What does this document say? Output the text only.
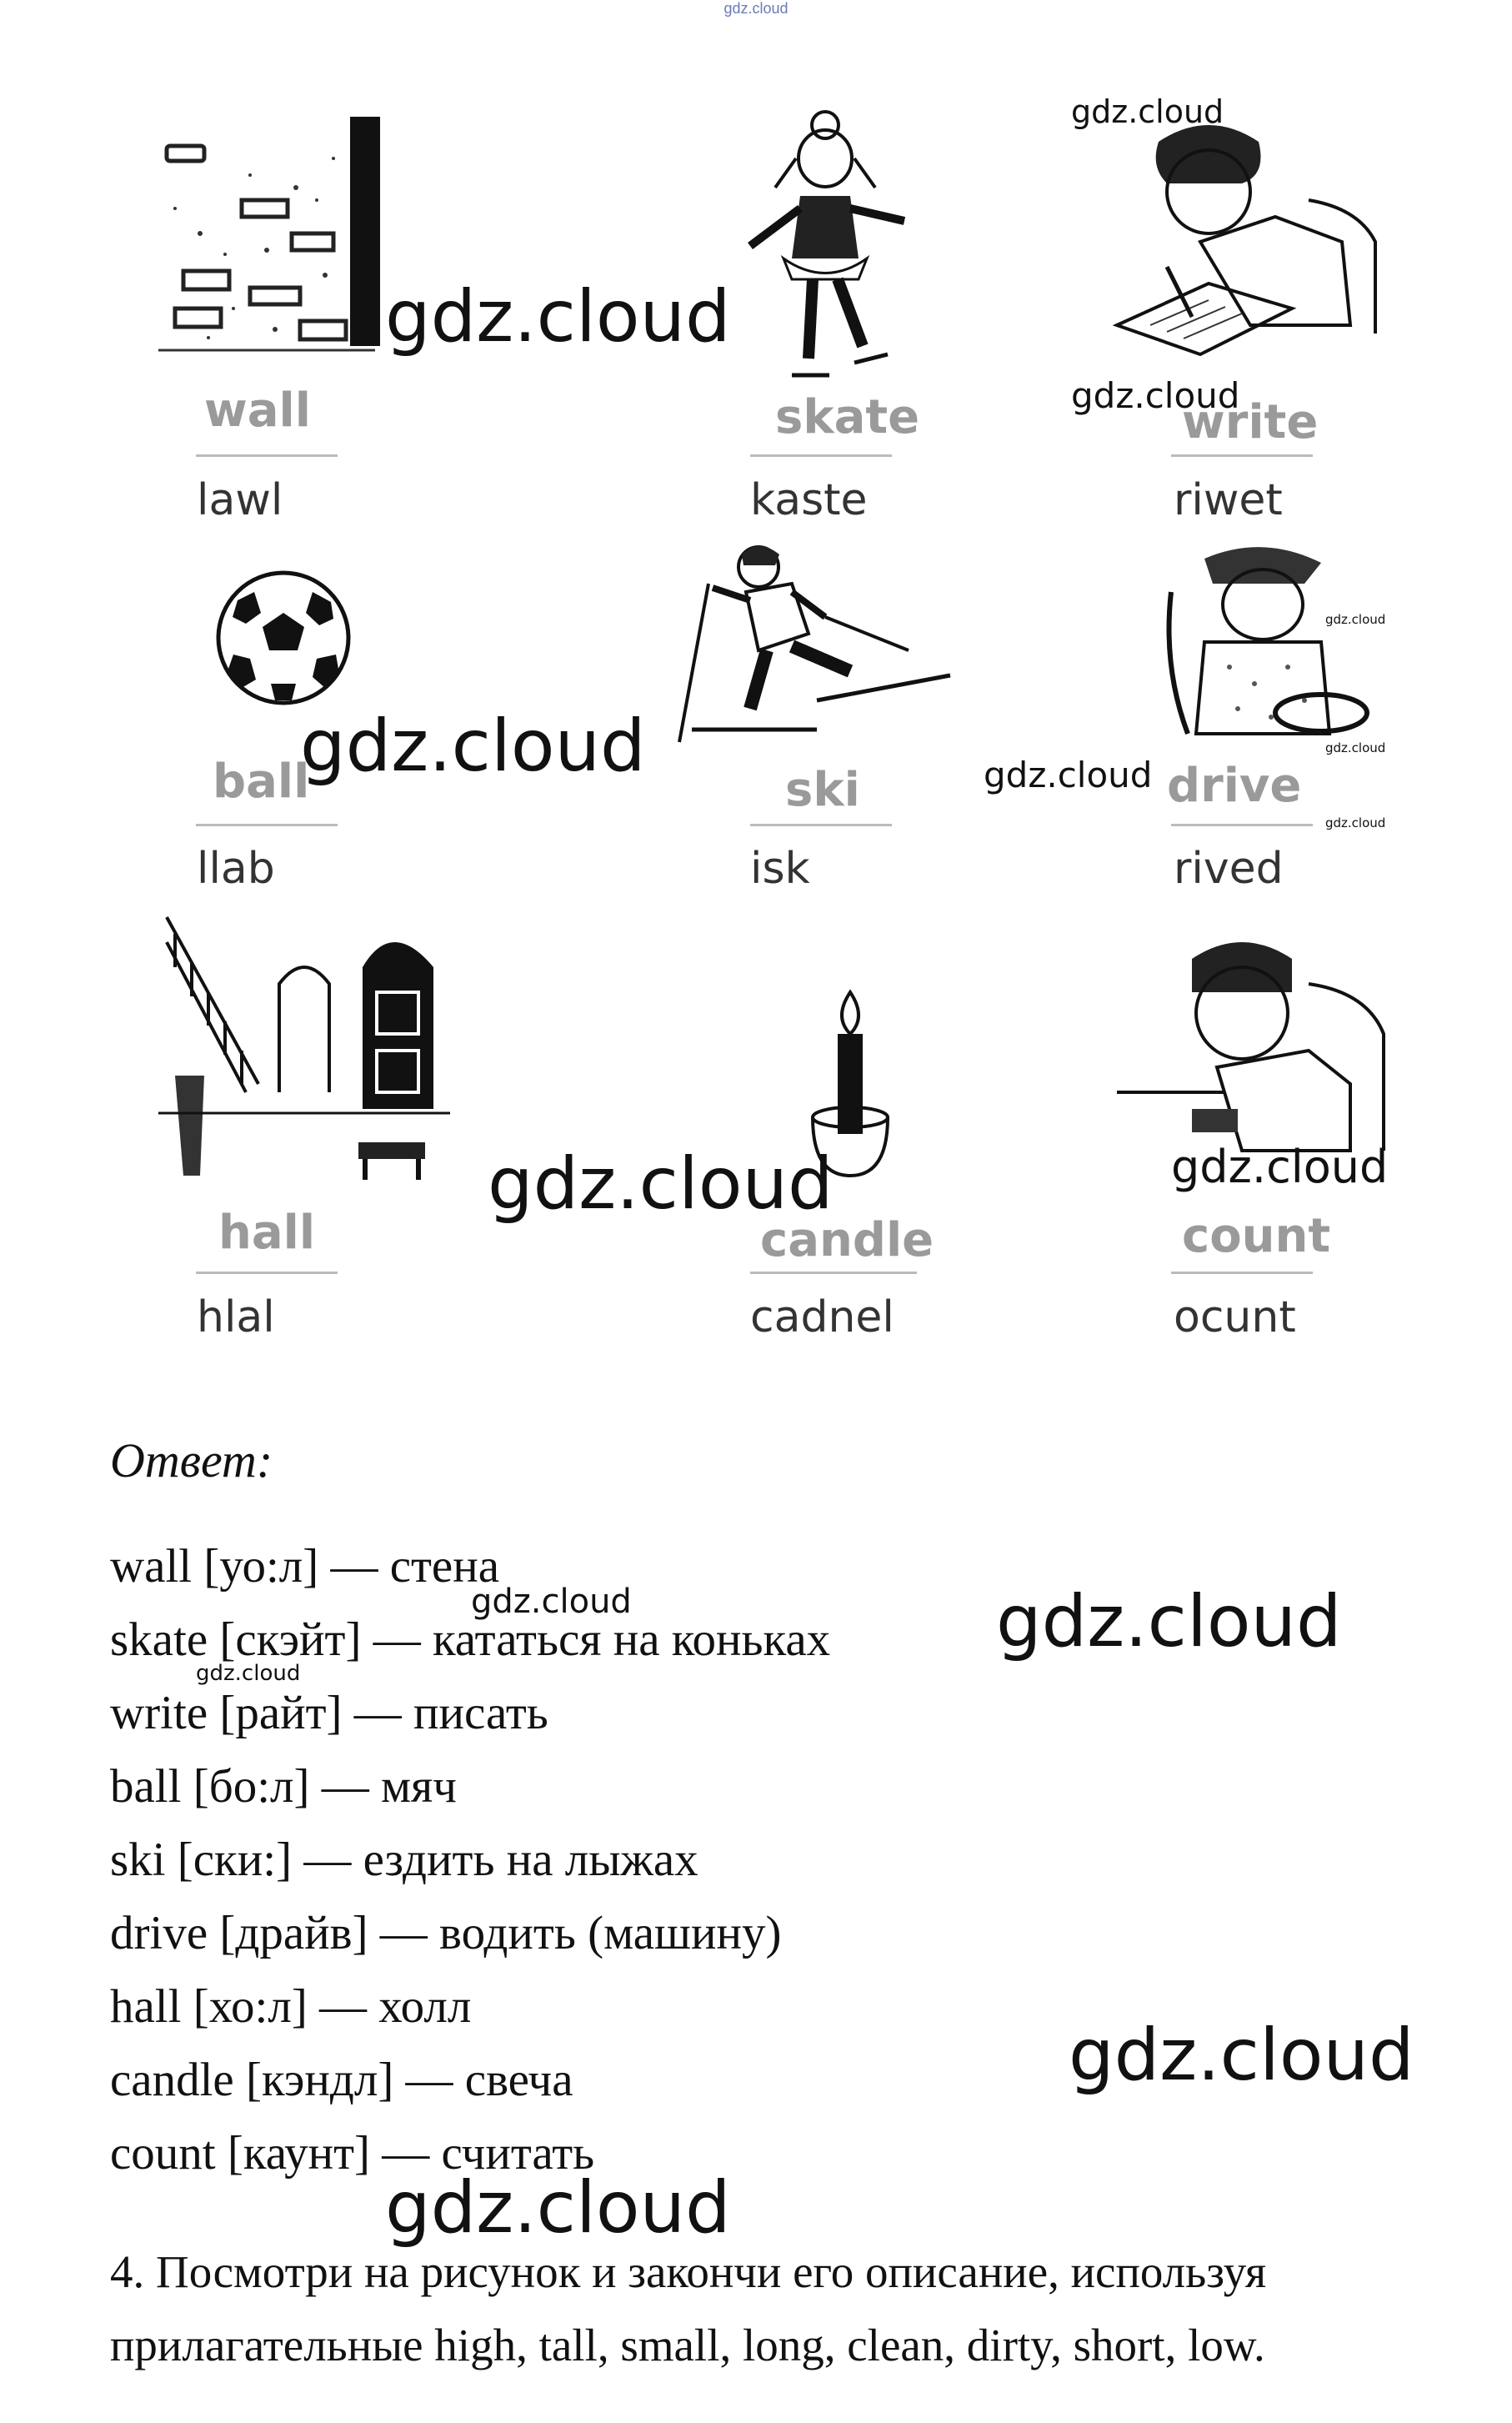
gdz.cloud
wall
lawl
skate
kaste
write
riwet
ball
llab
ski
isk
drive
rived
hall
hlal
candle
cadnel
count
ocunt
gdz.cloud
gdz.cloud
gdz.cloud
gdz.cloud
gdz.cloud	gdz.cloud
gdz.cloud
gdz.cloud
gdz.cloud	gdz.cloud
Ответ:
wall [уо:л] — стена
skate [скэйт] — кататься на коньках
write [райт] — писать
ball [бо:л] — мяч
ski [ски:] — ездить на лыжах
drive [драйв] — водить (машину)
hall [хо:л] — холл
candle [кэндл] — свеча
count [каунт] — считать
gdz.cloud
gdz.cloud
gdz.cloud
gdz.cloud
gdz.cloud
4. Посмотри на рисунок и закончи его описание, используя
прилагательные high, tall, small, long, clean, dirty, short, low.
